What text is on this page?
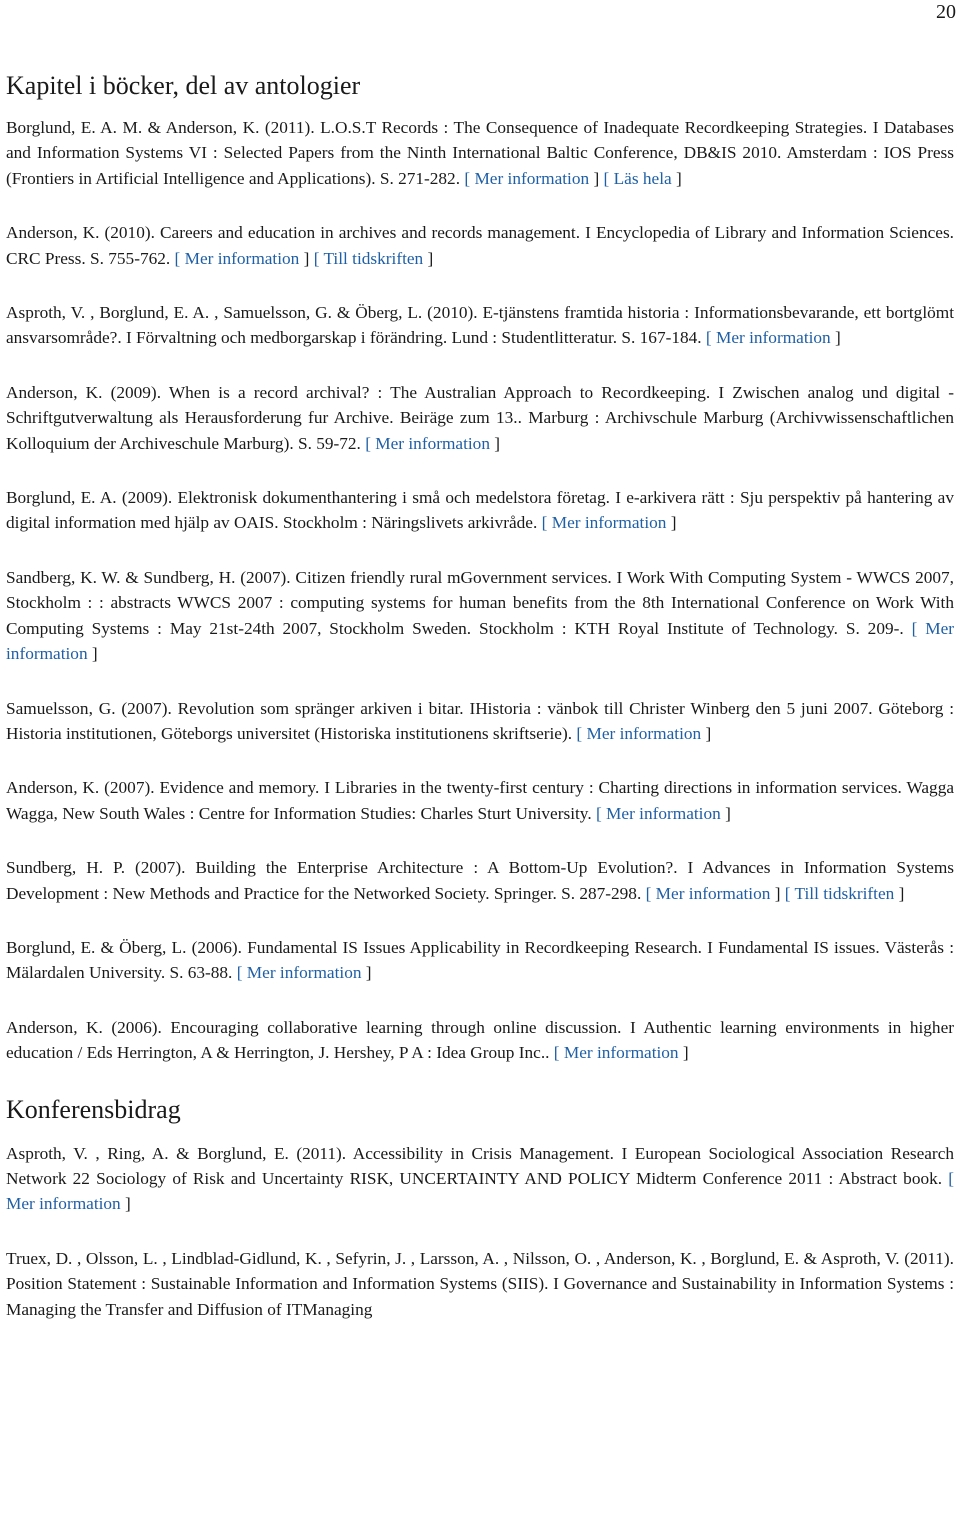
20
Kapitel i böcker, del av antologier
Borglund, E. A. M. & Anderson, K. (2011). L.O.S.T Records : The Consequence of Inadequate Recordkeeping Strategies. I Databases and Information Systems VI : Selected Papers from the Ninth International Baltic Conference, DB&IS 2010. Amsterdam : IOS Press (Frontiers in Artificial Intelligence and Applications). S. 271-282. [ Mer information ] [ Läs hela ]
Anderson, K. (2010). Careers and education in archives and records management. I Encyclopedia of Library and Information Sciences. CRC Press. S. 755-762. [ Mer information ] [ Till tidskriften ]
Asproth, V. , Borglund, E. A. , Samuelsson, G. & Öberg, L. (2010). E-tjänstens framtida historia : Informationsbevarande, ett bortglömt ansvarsområde?. I Förvaltning och medborgarskap i förändring. Lund : Studentlitteratur. S. 167-184. [ Mer information ]
Anderson, K. (2009). When is a record archival? : The Australian Approach to Recordkeeping. I Zwischen analog und digital - Schriftgutverwaltung als Herausforderung fur Archive. Beiräge zum 13.. Marburg : Archivschule Marburg (Archivwissenschaftlichen Kolloquium der Archiveschule Marburg). S. 59-72. [ Mer information ]
Borglund, E. A. (2009). Elektronisk dokumenthantering i små och medelstora företag. I e-arkivera rätt : Sju perspektiv på hantering av digital information med hjälp av OAIS. Stockholm : Näringslivets arkivråde. [ Mer information ]
Sandberg, K. W. & Sundberg, H. (2007). Citizen friendly rural mGovernment services. I Work With Computing System - WWCS 2007, Stockholm : : abstracts WWCS 2007 : computing systems for human benefits from the 8th International Conference on Work With Computing Systems : May 21st-24th 2007, Stockholm Sweden. Stockholm : KTH Royal Institute of Technology. S. 209-. [ Mer information ]
Samuelsson, G. (2007). Revolution som spränger arkiven i bitar. IHistoria : vänbok till Christer Winberg den 5 juni 2007. Göteborg : Historia institutionen, Göteborgs universitet (Historiska institutionens skriftserie). [ Mer information ]
Anderson, K. (2007). Evidence and memory. I Libraries in the twenty-first century : Charting directions in information services. Wagga Wagga, New South Wales : Centre for Information Studies: Charles Sturt University. [ Mer information ]
Sundberg, H. P. (2007). Building the Enterprise Architecture : A Bottom-Up Evolution?. I Advances in Information Systems Development : New Methods and Practice for the Networked Society. Springer. S. 287-298. [ Mer information ] [ Till tidskriften ]
Borglund, E. & Öberg, L. (2006). Fundamental IS Issues Applicability in Recordkeeping Research. I Fundamental IS issues. Västerås : Mälardalen University. S. 63-88. [ Mer information ]
Anderson, K. (2006). Encouraging collaborative learning through online discussion. I Authentic learning environments in higher education / Eds Herrington, A & Herrington, J. Hershey, P A : Idea Group Inc.. [ Mer information ]
Konferensbidrag
Asproth, V. , Ring, A. & Borglund, E. (2011). Accessibility in Crisis Management. I European Sociological Association Research Network 22 Sociology of Risk and Uncertainty RISK, UNCERTAINTY AND POLICY Midterm Conference 2011 : Abstract book. [ Mer information ]
Truex, D. , Olsson, L. , Lindblad-Gidlund, K. , Sefyrin, J. , Larsson, A. , Nilsson, O. , Anderson, K. , Borglund, E. & Asproth, V. (2011). Position Statement : Sustainable Information and Information Systems (SIIS). I Governance and Sustainability in Information Systems : Managing the Transfer and Diffusion of ITManaging
